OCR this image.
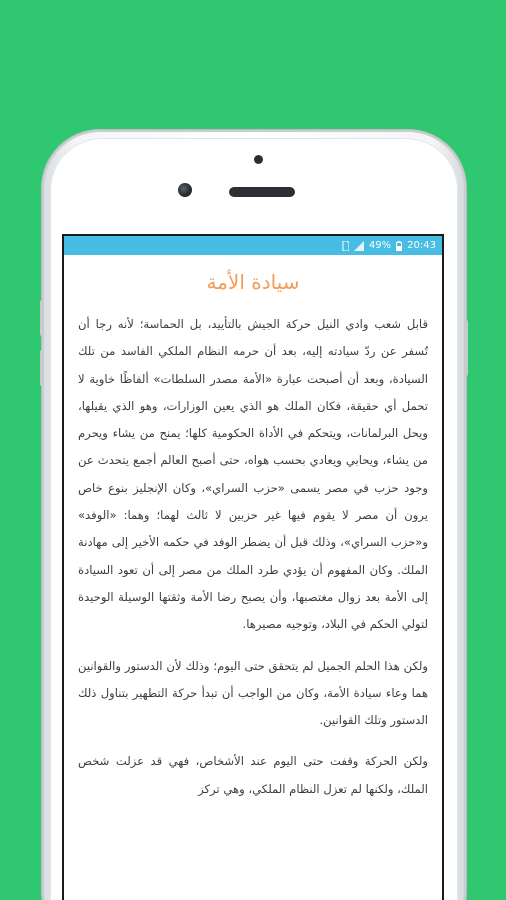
49% 20:43
سيادة الأمة

قابل شعب وادي النيل حركة الجيش بالتأييد، بل الحماسة؛ لأنه رجا أن تُسفر عن ردّ سيادته إليه، بعد أن حرمه النظام الملكي الفاسد من تلك السيادة، وبعد أن أصبحت عبارة «الأمة مصدر السلطات» ألفاظًا خاوية لا تحمل أي حقيقة، فكان الملك هو الذي يعين الوزارات، وهو الذي يقيلها، ويحل البرلمانات، ويتحكم في الأداة الحكومية كلها؛ يمنح من يشاء ويحرم من يشاء، ويحابي ويعادي بحسب هواه، حتى أصبح العالم أجمع يتحدث عن وجود حزب في مصر يسمى «حزب السراي»، وكان الإنجليز بنوع خاص يرون أن مصر لا يقوم فيها غير حزبين لا ثالث لهما؛ وهما: «الوفد» و«حزب السراي»، وذلك قبل أن يضطر الوفد في حكمه الأخير إلى مهادنة الملك. وكان المفهوم أن يؤدي طرد الملك من مصر إلى أن تعود السيادة إلى الأمة بعد زوال مغتصبها، وأن يصبح رضا الأمة وثقتها الوسيلة الوحيدة لتولي الحكم في البلاد، وتوجيه مصيرها.

ولكن هذا الحلم الجميل لم يتحقق حتى اليوم؛ وذلك لأن الدستور والقوانين هما وعاء سيادة الأمة، وكان من الواجب أن تبدأ حركة التطهير بتناول ذلك الدستور وتلك القوانين.

ولكن الحركة وقفت حتى اليوم عند الأشخاص، فهي قد عزلت شخص الملك، ولكنها لم تعزل النظام الملكي، وهي تركز
